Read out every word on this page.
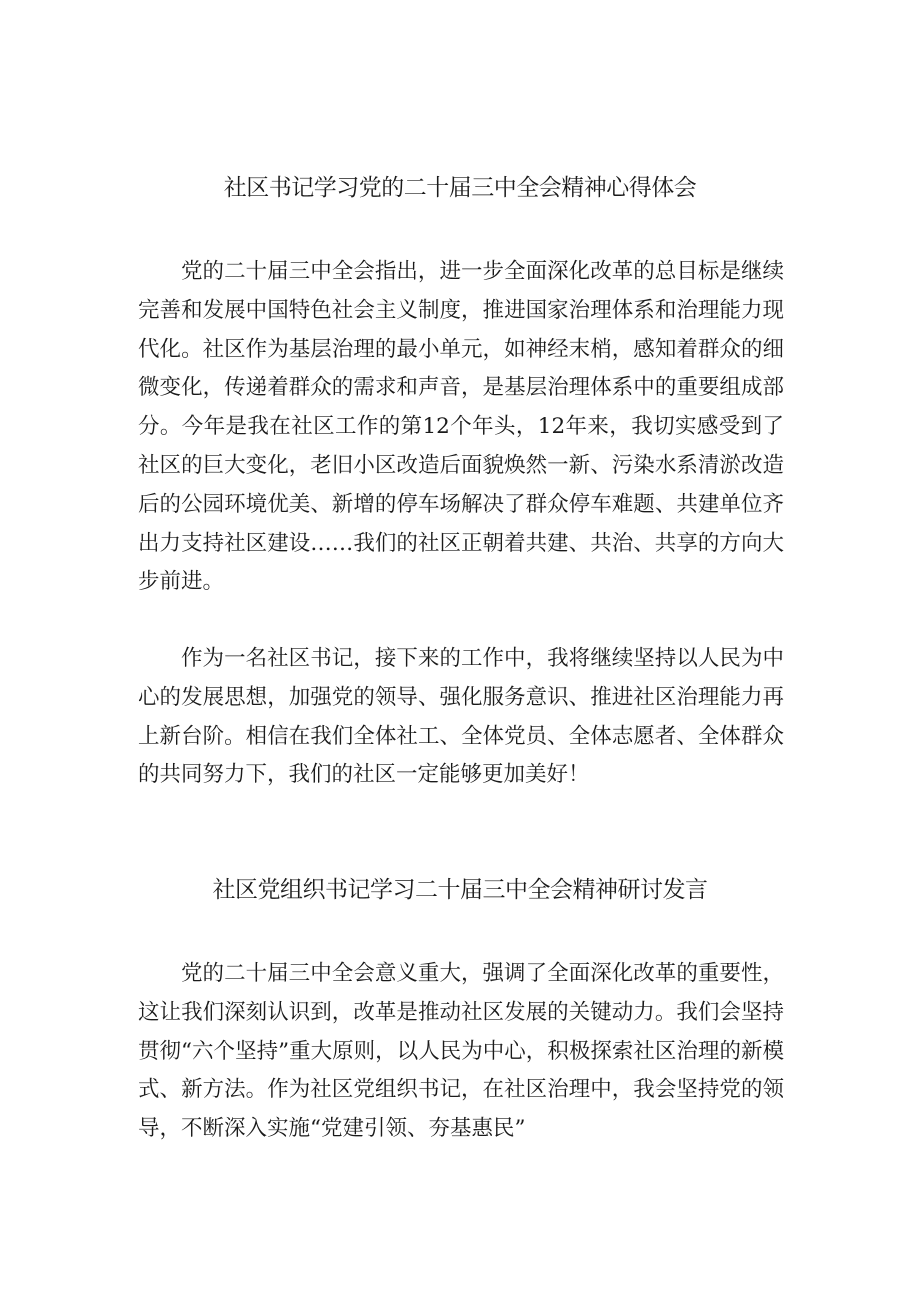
社区书记学习党的二十届三中全会精神心得体会

党的二十届三中全会指出，进一步全面深化改革的总目标是继续完善和发展中国特色社会主义制度，推进国家治理体系和治理能力现代化。社区作为基层治理的最小单元，如神经末梢，感知着群众的细微变化，传递着群众的需求和声音，是基层治理体系中的重要组成部分。今年是我在社区工作的第12个年头，12年来，我切实感受到了社区的巨大变化，老旧小区改造后面貌焕然一新、污染水系清淤改造后的公园环境优美、新增的停车场解决了群众停车难题、共建单位齐出力支持社区建设……我们的社区正朝着共建、共治、共享的方向大步前进。

作为一名社区书记，接下来的工作中，我将继续坚持以人民为中心的发展思想，加强党的领导、强化服务意识、推进社区治理能力再上新台阶。相信在我们全体社工、全体党员、全体志愿者、全体群众的共同努力下，我们的社区一定能够更加美好！

社区党组织书记学习二十届三中全会精神研讨发言

党的二十届三中全会意义重大，强调了全面深化改革的重要性，这让我们深刻认识到，改革是推动社区发展的关键动力。我们会坚持贯彻“六个坚持”重大原则，以人民为中心，积极探索社区治理的新模式、新方法。作为社区党组织书记，在社区治理中，我会坚持党的领导，不断深入实施“党建引领、夯基惠民”
